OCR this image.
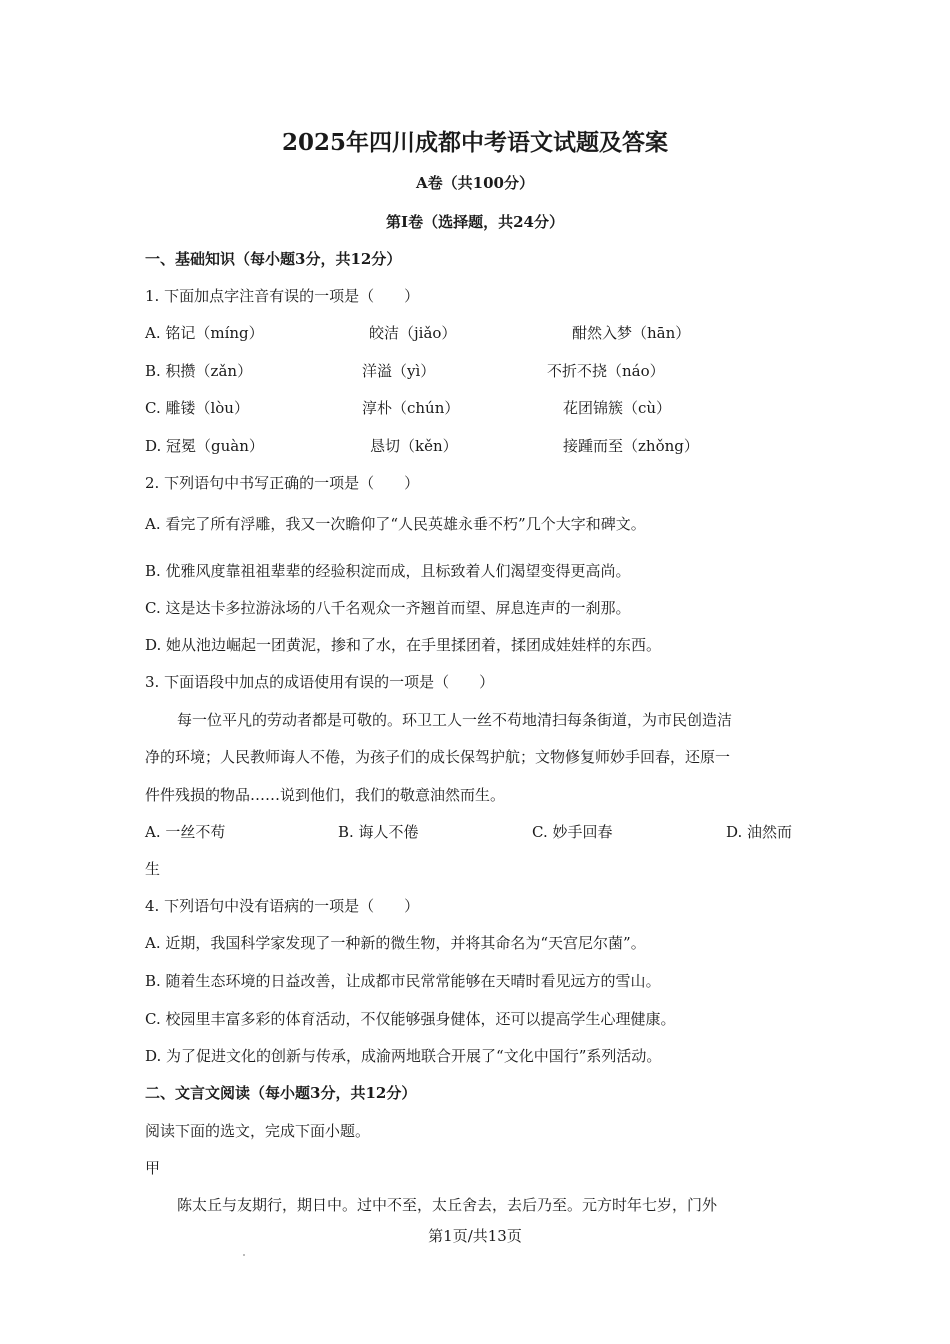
2025年四川成都中考语文试题及答案
A卷（共100分）
第Ⅰ卷（选择题，共24分）
一、基础知识（每小题3分，共12分）
1. 下面加点字注音有误的一项是（　　）
A. 铭记（míng）	皎洁（jiǎo）	酣然入梦（hān）
B. 积攒（zǎn）	洋溢（yì）	不折不挠（náo）
C. 雕镂（lòu）	淳朴（chún）	花团锦簇（cù）
D. 冠冕（guàn）	恳切（kěn）	接踵而至（zhǒng）
2. 下列语句中书写正确的一项是（　　）
A. 看完了所有浮雕，我又一次瞻仰了“人民英雄永垂不朽”几个大字和碑文。
B. 优雅风度靠祖祖辈辈的经验积淀而成，且标致着人们渴望变得更高尚。
C. 这是达卡多拉游泳场的八千名观众一齐翘首而望、屏息连声的一刹那。
D. 她从池边崛起一团黄泥，掺和了水，在手里揉团着，揉团成娃娃样的东西。
3. 下面语段中加点的成语使用有误的一项是（　　）
每一位平凡的劳动者都是可敬的。环卫工人一丝不苟地清扫每条街道，为市民创造洁
净的环境；人民教师诲人不倦，为孩子们的成长保驾护航；文物修复师妙手回春，还原一
件件残损的物品……说到他们，我们的敬意油然而生。
A. 一丝不苟	B. 诲人不倦	C. 妙手回春	D. 油然而
生
4. 下列语句中没有语病的一项是（　　）
A. 近期，我国科学家发现了一种新的微生物，并将其命名为“天宫尼尔菌”。
B. 随着生态环境的日益改善，让成都市民常常能够在天晴时看见远方的雪山。
C. 校园里丰富多彩的体育活动，不仅能够强身健体，还可以提高学生心理健康。
D. 为了促进文化的创新与传承，成渝两地联合开展了“文化中国行”系列活动。
二、文言文阅读（每小题3分，共12分）
阅读下面的选文，完成下面小题。
甲
陈太丘与友期行，期日中。过中不至，太丘舍去，去后乃至。元方时年七岁，门外
第1页/共13页
